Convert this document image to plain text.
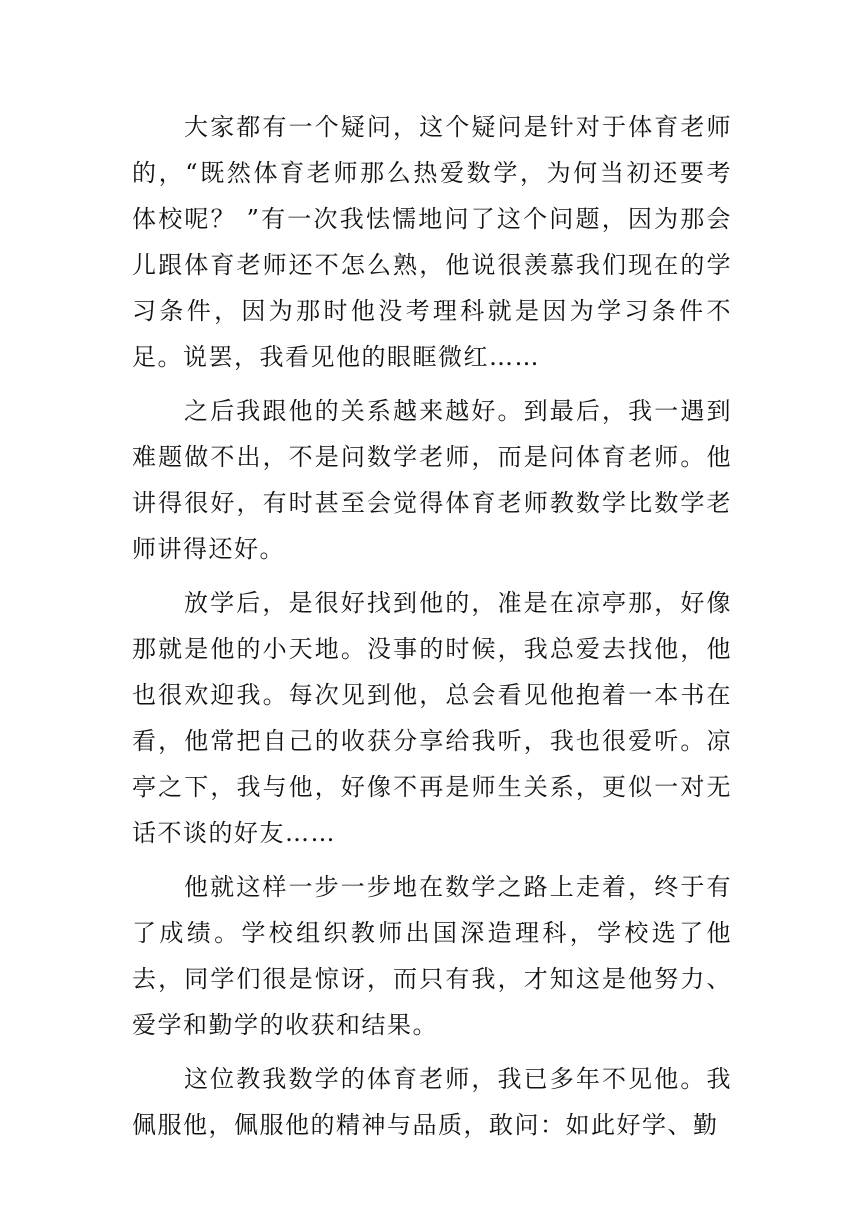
大家都有一个疑问，这个疑问是针对于体育老师的，“既然体育老师那么热爱数学，为何当初还要考体校呢？ ”有一次我怯懦地问了这个问题，因为那会儿跟体育老师还不怎么熟，他说很羡慕我们现在的学习条件，因为那时他没考理科就是因为学习条件不足。说罢，我看见他的眼眶微红……

之后我跟他的关系越来越好。到最后，我一遇到难题做不出，不是问数学老师，而是问体育老师。他讲得很好，有时甚至会觉得体育老师教数学比数学老师讲得还好。

放学后，是很好找到他的，准是在凉亭那，好像那就是他的小天地。没事的时候，我总爱去找他，他也很欢迎我。每次见到他，总会看见他抱着一本书在看，他常把自己的收获分享给我听，我也很爱听。凉亭之下，我与他，好像不再是师生关系，更似一对无话不谈的好友……

他就这样一步一步地在数学之路上走着，终于有了成绩。学校组织教师出国深造理科，学校选了他去，同学们很是惊讶，而只有我，才知这是他努力、爱学和勤学的收获和结果。

这位教我数学的体育老师，我已多年不见他。我佩服他，佩服他的精神与品质，敢问：如此好学、勤
